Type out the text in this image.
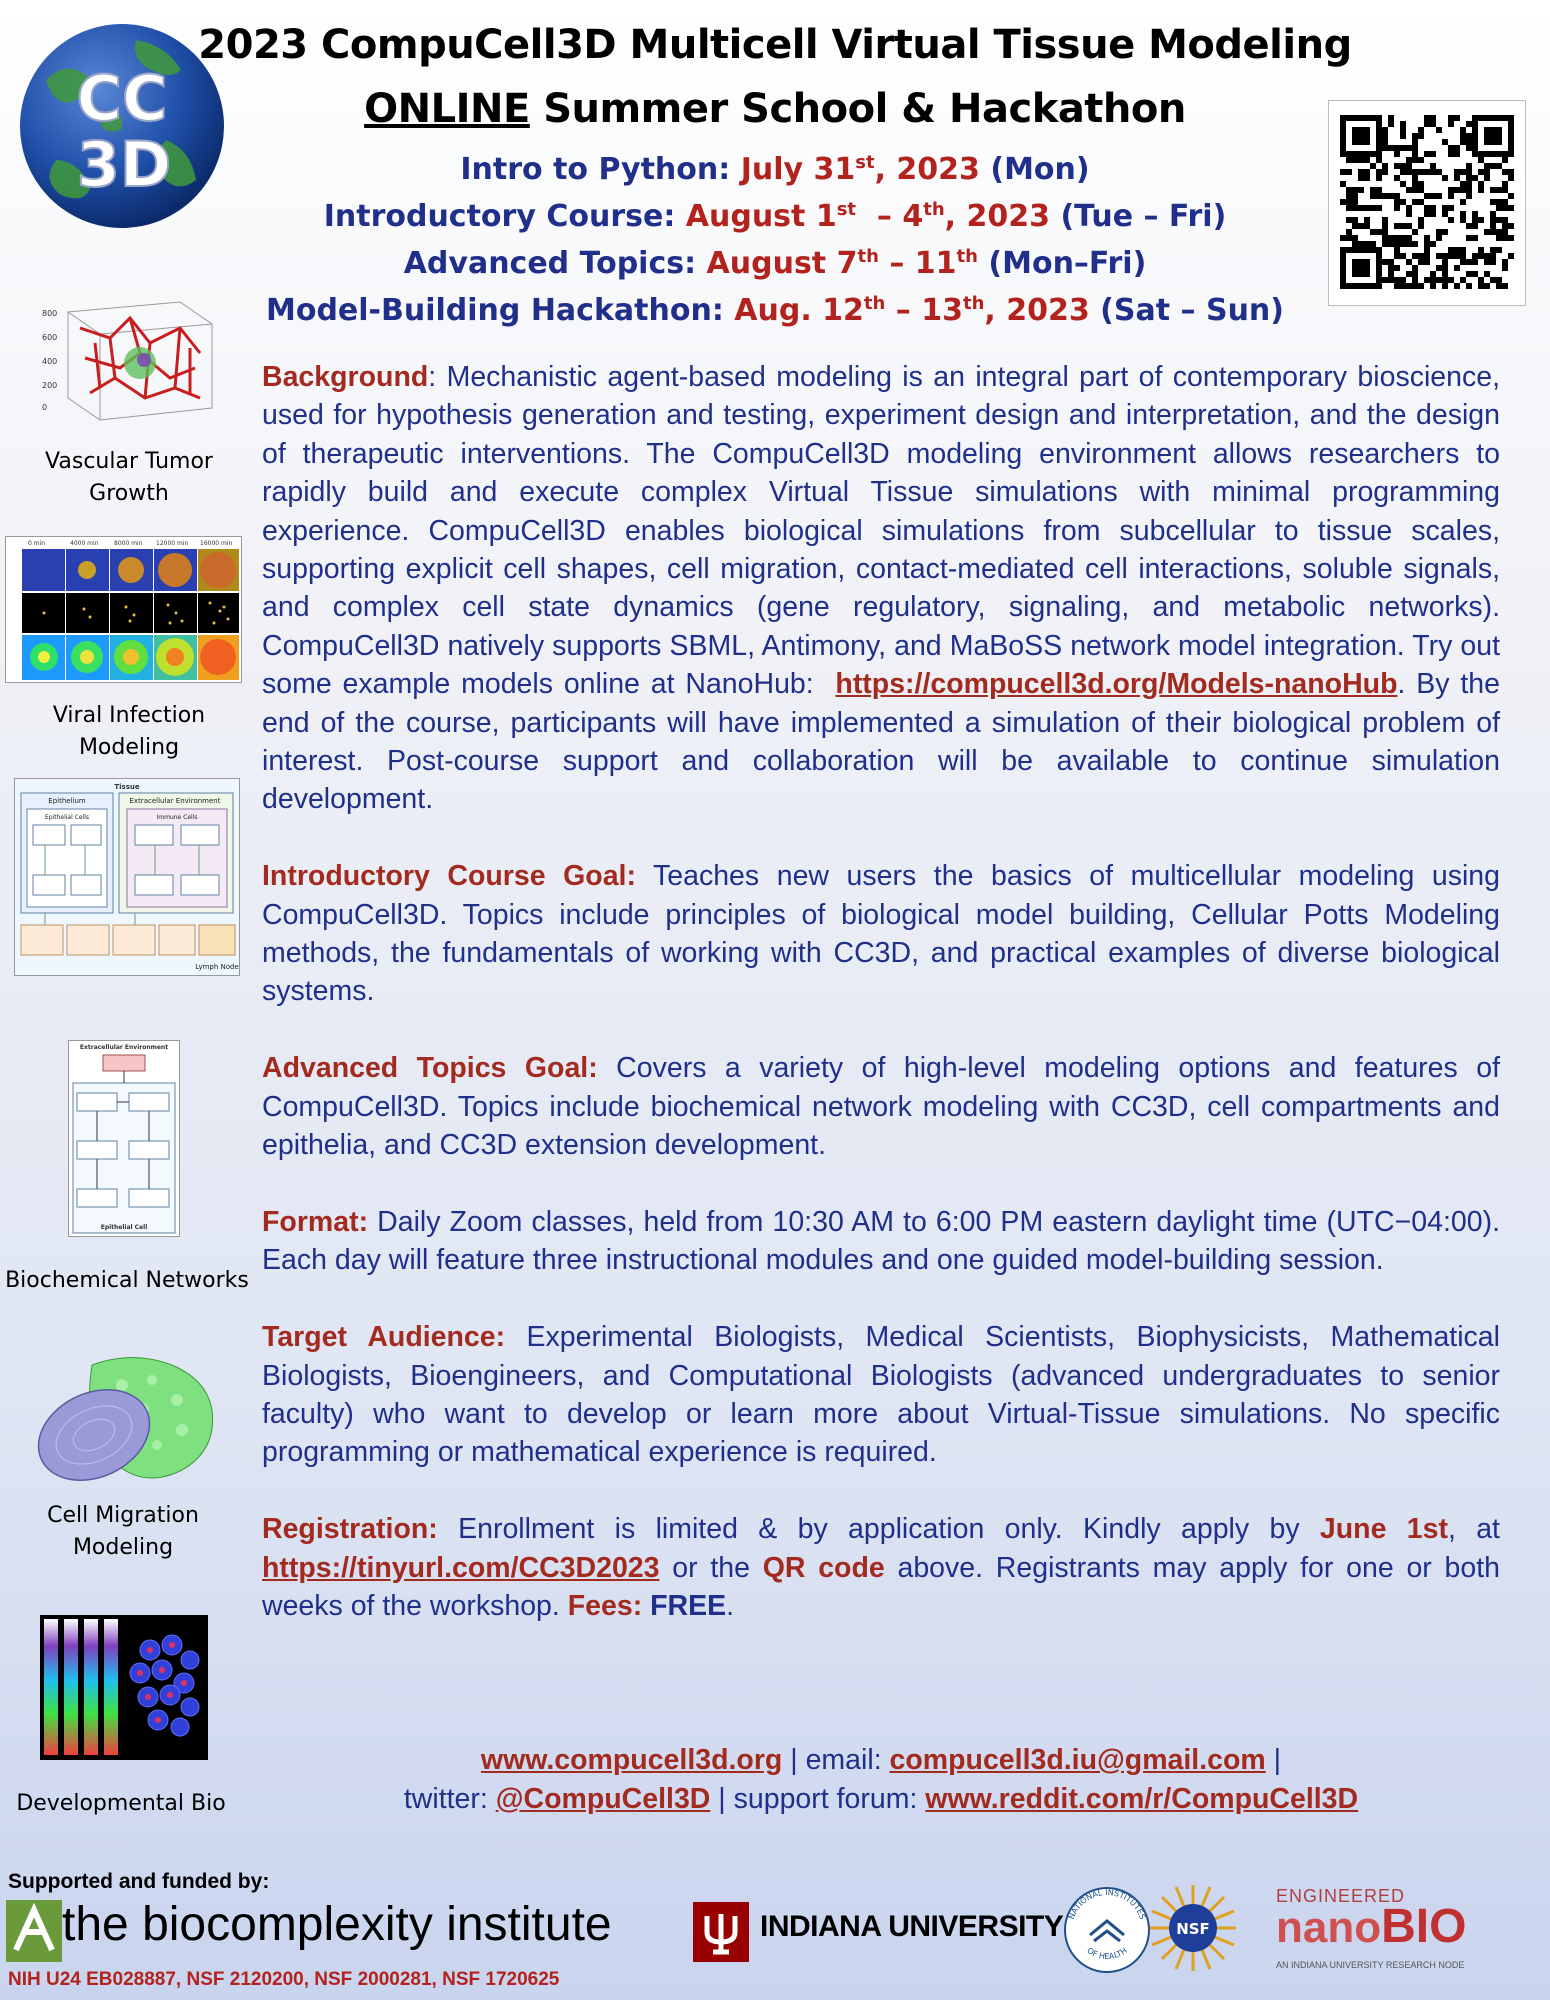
CC
3D
2023 CompuCell3D Multicell Virtual Tissue Modeling
ONLINE Summer School & Hackathon
Intro to Python: July 31st, 2023 (Mon)
Introductory Course: August 1st  – 4th, 2023 (Tue – Fri)
Advanced Topics: August 7th – 11th (Mon–Fri)
Model-Building Hackathon: Aug. 12th – 13th, 2023 (Sat – Sun)
800
600
400
200
0
Vascular Tumor Growth
0 min	4000 min	8000 min 12000 min 16000 min
Viral Infection Modeling
Tissue
Epithelium	Extracellular Environment
Epithelial Cells	Immune Cells
Lymph Node
Extracellular Environment
Epithelial Cell
Biochemical Networks
Cell Migration Modeling
Developmental Bio

Background: Mechanistic agent-based modeling is an integral part of contemporary bioscience, used for hypothesis generation and testing, experiment design and interpretation, and the design of therapeutic interventions. The CompuCell3D modeling environment allows researchers to rapidly build and execute complex Virtual Tissue simulations with minimal programming experience. CompuCell3D enables biological simulations from subcellular to tissue scales, supporting explicit cell shapes, cell migration, contact-mediated cell interactions, soluble signals, and complex cell state dynamics (gene regulatory, signaling, and metabolic networks). CompuCell3D natively supports SBML, Antimony, and MaBoSS network model integration. Try out some example models online at NanoHub:  https://compucell3d.org/Models-nanoHub. By the end of the course, participants will have implemented a simulation of their biological problem of interest. Post-course support and collaboration will be available to continue simulation development.

Introductory Course Goal: Teaches new users the basics of multicellular modeling using CompuCell3D. Topics include principles of biological model building, Cellular Potts Modeling methods, the fundamentals of working with CC3D, and practical examples of diverse biological systems.

Advanced Topics Goal: Covers a variety of high-level modeling options and features of CompuCell3D. Topics include biochemical network modeling with CC3D, cell compartments and epithelia, and CC3D extension development.

Format: Daily Zoom classes, held from 10:30 AM to 6:00 PM eastern daylight time (UTC−04:00). Each day will feature three instructional modules and one guided model-building session.

Target Audience: Experimental Biologists, Medical Scientists, Biophysicists, Mathematical Biologists, Bioengineers, and Computational Biologists (advanced undergraduates to senior faculty) who want to develop or learn more about Virtual-Tissue simulations. No specific programming or mathematical experience is required.

Registration: Enrollment is limited & by application only. Kindly apply by June 1st, at https://tinyurl.com/CC3D2023 or the QR code above. Registrants may apply for one or both weeks of the workshop. Fees: FREE.

www.compucell3d.org | email: compucell3d.iu@gmail.com |
twitter: @CompuCell3D | support forum: www.reddit.com/r/CompuCell3D
Supported and funded by:
the biocomplexity institute	INDIANA UNIVERSITY NATIONAL INSTITUTES
OF HEALTH
NSF
ENGINEERED
nanoBIO
AN INDIANA UNIVERSITY RESEARCH NODE
NIH U24 EB028887, NSF 2120200, NSF 2000281, NSF 1720625
